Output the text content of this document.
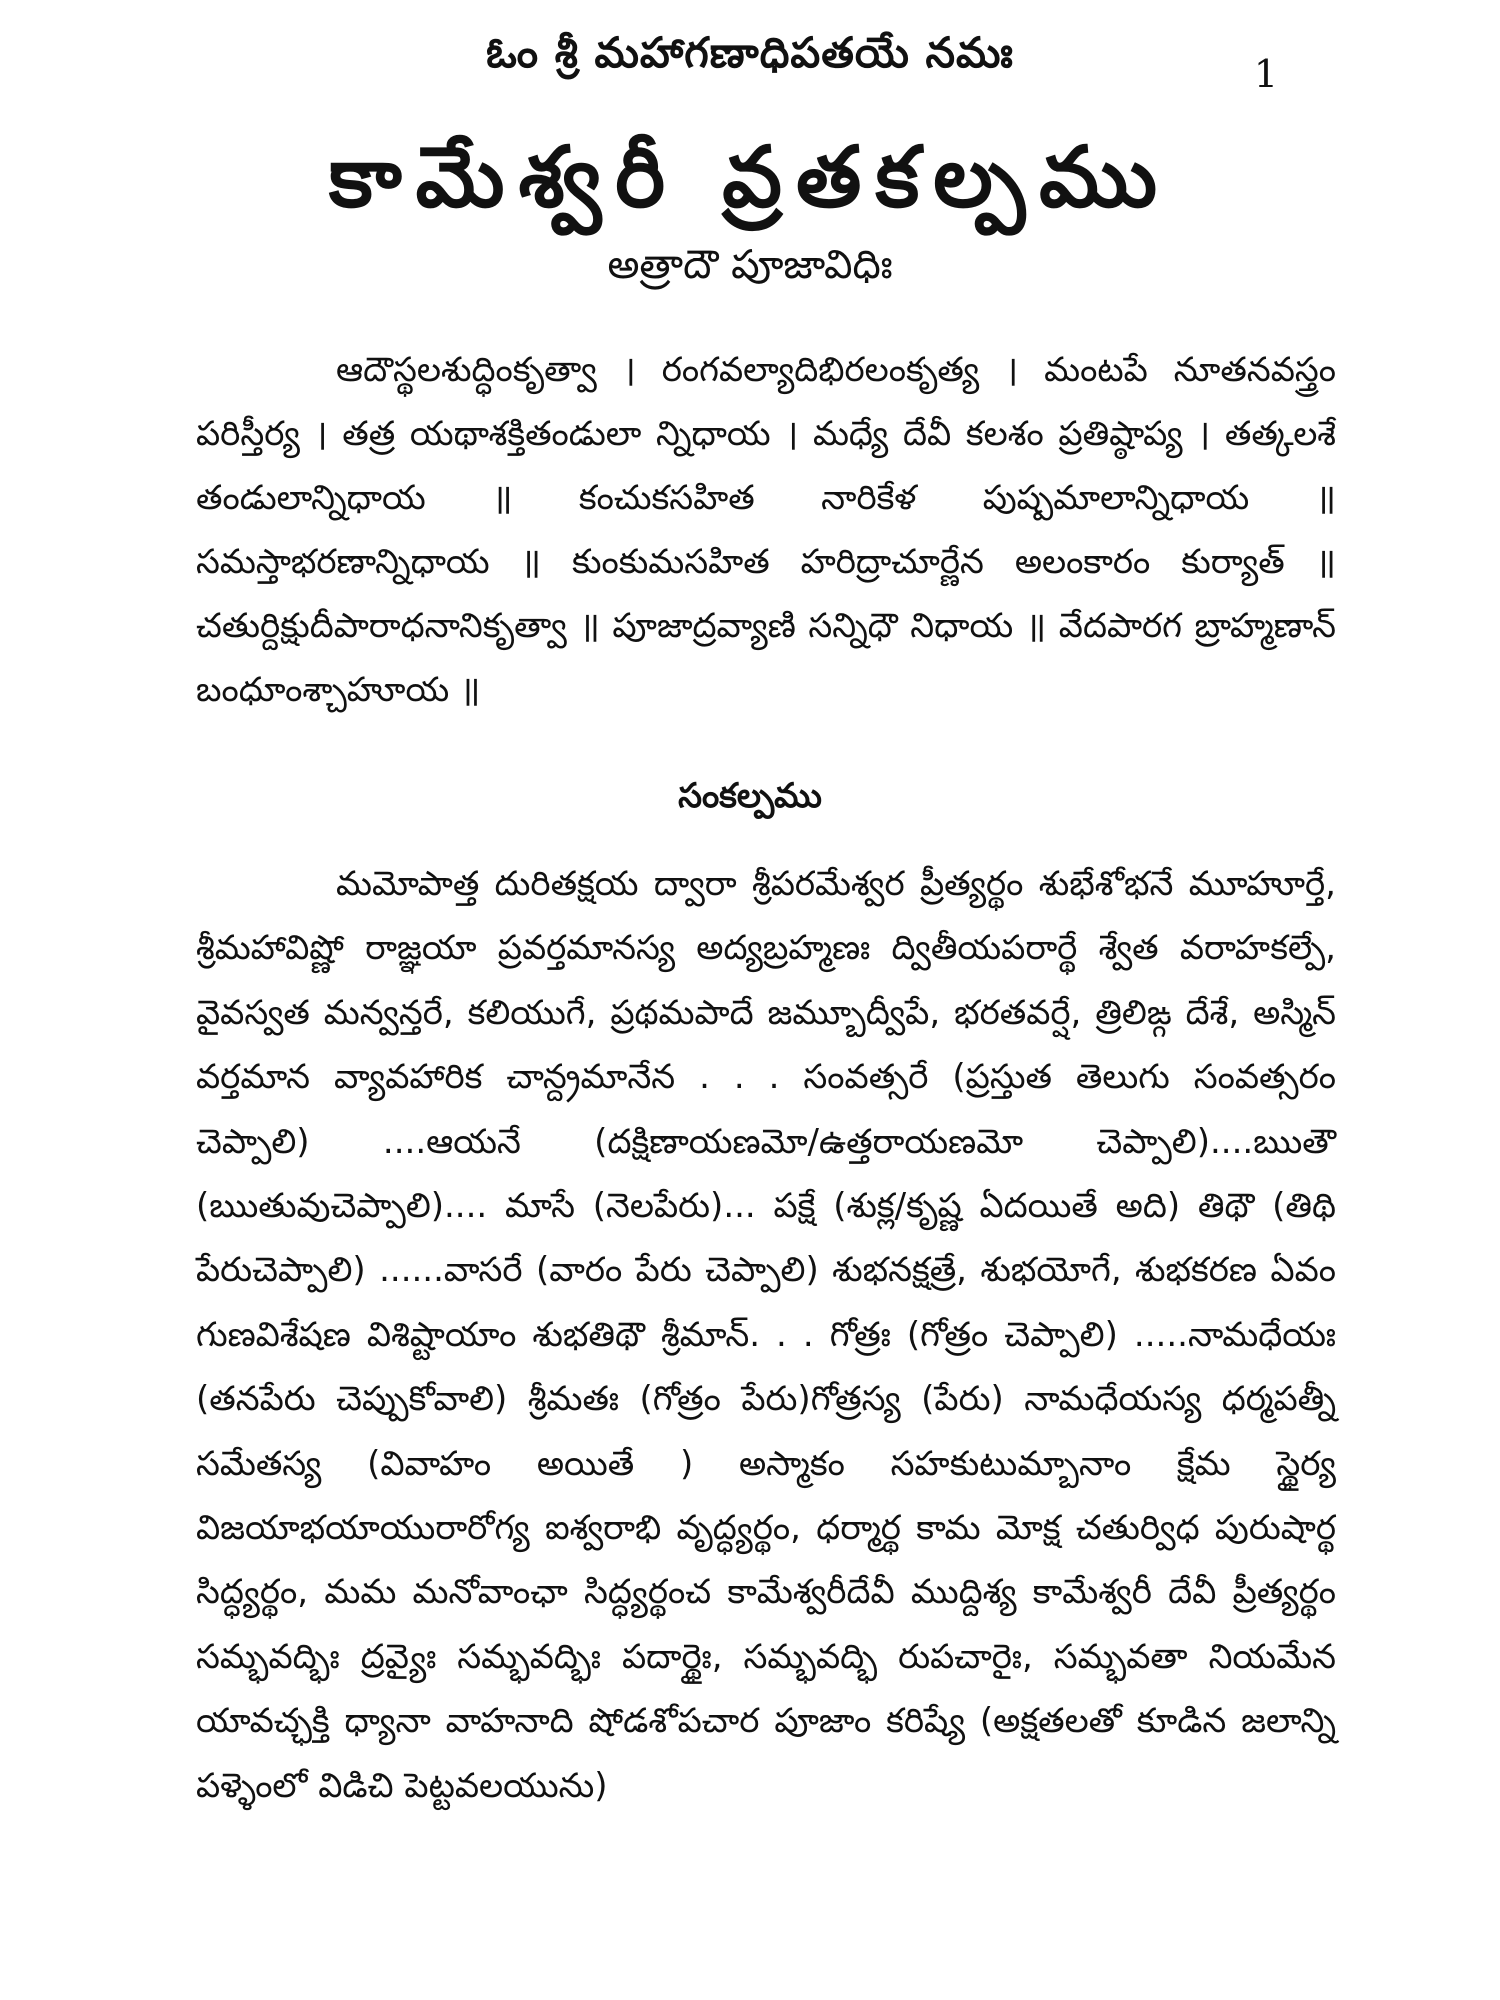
ఓం శ్రీ మహాగణాధిపతయే నమః	1
కామేశ్వరీ వ్రతకల్పము
అత్రాదౌ పూజావిధిః

ఆదౌస్థలశుద్ధింకృత్వా । రంగవల్యాదిభిరలంకృత్య । మంటపే నూతనవస్త్రం పరిస్తీర్య । తత్ర యథాశక్తితండులా న్నిధాయ । మధ్యే దేవీ కలశం ప్రతిష్ఠాప్య । తత్కలశే తండులాన్నిధాయ ॥ కంచుకసహిత నారికేళ పుష్పమాలాన్నిధాయ ॥ సమస్తాభరణాన్నిధాయ ॥ కుంకుమసహిత హరిద్రాచూర్ణేన అలంకారం కుర్యాత్ ॥ చతుర్దిక్షుదీపారాధనానికృత్వా ॥ పూజాద్రవ్యాణి సన్నిధౌ నిధాయ ॥ వేదపారగ బ్రాహ్మణాన్ బంధూంశ్చాహూయ ॥

సంకల్పము

మమోపాత్త దురితక్షయ ద్వారా శ్రీపరమేశ్వర ప్రీత్యర్థం శుభేశోభనే మూహూర్తే, శ్రీమహావిష్ణో రాజ్ఞయా ప్రవర్తమానస్య అద్యబ్రహ్మణః ద్వితీయపరార్థే శ్వేత వరాహకల్పే, వైవస్వత మన్వన్తరే, కలియుగే, ప్రథమపాదే జమ్బూద్వీపే, భరతవర్షే, త్రిలిఙ్గ దేశే, అస్మిన్ వర్తమాన వ్యావహారిక చాన్ద్రమానేన . . . సంవత్సరే (ప్రస్తుత తెలుగు సంవత్సరం చెప్పాలి) ....ఆయనే (దక్షిణాయణమో/ఉత్తరాయణమో చెప్పాలి)....ఋతౌ (ఋతువుచెప్పాలి).... మాసే (నెలపేరు)... పక్షే (శుక్ల/కృష్ణ ఏదయితే అది) తిథౌ (తిథి పేరుచెప్పాలి) ......వాసరే (వారం పేరు చెప్పాలి) శుభనక్షత్రే, శుభయోగే, శుభకరణ ఏవం గుణవిశేషణ విశిష్టాయాం శుభతిథౌ శ్రీమాన్. . . గోత్రః (గోత్రం చెప్పాలి) .....నామధేయః (తనపేరు చెప్పుకోవాలి) శ్రీమతః (గోత్రం పేరు)గోత్రస్య (పేరు) నామధేయస్య ధర్మపత్నీ సమేతస్య (వివాహం అయితే ) అస్మాకం సహకుటుమ్బానాం క్షేమ స్థైర్య విజయాభయాయురారోగ్య ఐశ్వరాభి వృద్ధ్యర్థం, ధర్మార్థ కామ మోక్ష చతుర్విధ పురుషార్థ సిద్ధ్యర్థం, మమ మనోవాంఛా సిద్ధ్యర్థంచ కామేశ్వరీదేవీ ముద్దిశ్య కామేశ్వరీ దేవీ ప్రీత్యర్థం సమ్భవద్భిః ద్రవ్యైః సమ్భవద్భిః పదార్థైః, సమ్భవద్భి రుపచారైః, సమ్భవతా నియమేన యావచ్ఛక్తి ధ్యానా వాహనాది షోడశోపచార పూజాం కరిష్యే (అక్షతలతో కూడిన జలాన్ని పళ్ళెంలో విడిచి పెట్టవలయును)
